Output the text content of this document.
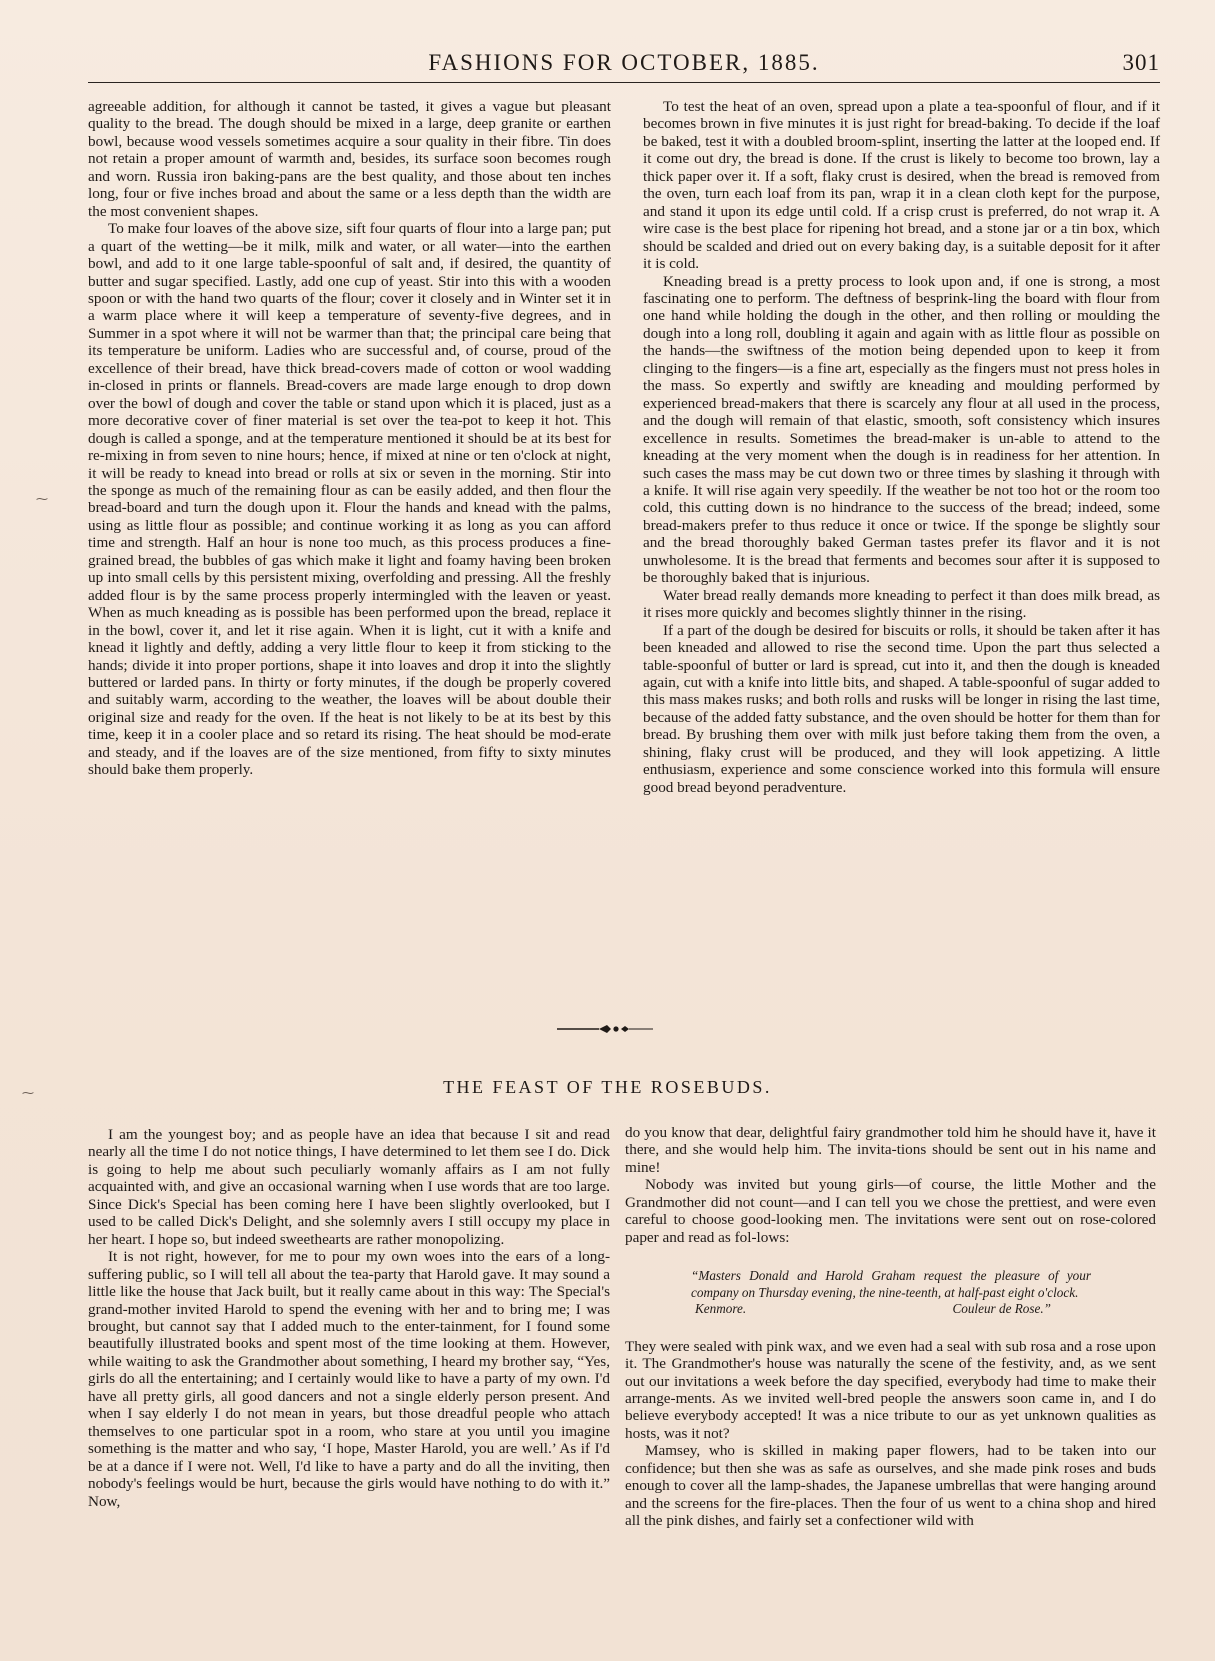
FASHIONS FOR OCTOBER, 1885.	301

agreeable addition, for although it cannot be tasted, it gives a vague but pleasant quality to the bread. The dough should be mixed in a large, deep granite or earthen bowl, because wood vessels sometimes acquire a sour quality in their fibre. Tin does not retain a proper amount of warmth and, besides, its surface soon becomes rough and worn. Russia iron baking-pans are the best quality, and those about ten inches long, four or five inches broad and about the same or a less depth than the width are the most convenient shapes.

To make four loaves of the above size, sift four quarts of flour into a large pan; put a quart of the wetting—be it milk, milk and water, or all water—into the earthen bowl, and add to it one large table-spoonful of salt and, if desired, the quantity of butter and sugar specified. Lastly, add one cup of yeast. Stir into this with a wooden spoon or with the hand two quarts of the flour; cover it closely and in Winter set it in a warm place where it will keep a temperature of seventy-five degrees, and in Summer in a spot where it will not be warmer than that; the principal care being that its temperature be uniform. Ladies who are successful and, of course, proud of the excellence of their bread, have thick bread-covers made of cotton or wool wadding in-closed in prints or flannels. Bread-covers are made large enough to drop down over the bowl of dough and cover the table or stand upon which it is placed, just as a more decorative cover of finer material is set over the tea-pot to keep it hot. This dough is called a sponge, and at the temperature mentioned it should be at its best for re-mixing in from seven to nine hours; hence, if mixed at nine or ten o'clock at night, it will be ready to knead into bread or rolls at six or seven in the morning. Stir into the sponge as much of the remaining flour as can be easily added, and then flour the bread-board and turn the dough upon it. Flour the hands and knead with the palms, using as little flour as possible; and continue working it as long as you can afford time and strength. Half an hour is none too much, as this process produces a fine-grained bread, the bubbles of gas which make it light and foamy having been broken up into small cells by this persistent mixing, overfolding and pressing. All the freshly added flour is by the same process properly intermingled with the leaven or yeast. When as much kneading as is possible has been performed upon the bread, replace it in the bowl, cover it, and let it rise again. When it is light, cut it with a knife and knead it lightly and deftly, adding a very little flour to keep it from sticking to the hands; divide it into proper portions, shape it into loaves and drop it into the slightly buttered or larded pans. In thirty or forty minutes, if the dough be properly covered and suitably warm, according to the weather, the loaves will be about double their original size and ready for the oven. If the heat is not likely to be at its best by this time, keep it in a cooler place and so retard its rising. The heat should be mod-erate and steady, and if the loaves are of the size mentioned, from fifty to sixty minutes should bake them properly.

To test the heat of an oven, spread upon a plate a tea-spoonful of flour, and if it becomes brown in five minutes it is just right for bread-baking. To decide if the loaf be baked, test it with a doubled broom-splint, inserting the latter at the looped end. If it come out dry, the bread is done. If the crust is likely to become too brown, lay a thick paper over it. If a soft, flaky crust is desired, when the bread is removed from the oven, turn each loaf from its pan, wrap it in a clean cloth kept for the purpose, and stand it upon its edge until cold. If a crisp crust is preferred, do not wrap it. A wire case is the best place for ripening hot bread, and a stone jar or a tin box, which should be scalded and dried out on every baking day, is a suitable deposit for it after it is cold.

Kneading bread is a pretty process to look upon and, if one is strong, a most fascinating one to perform. The deftness of besprink-ling the board with flour from one hand while holding the dough in the other, and then rolling or moulding the dough into a long roll, doubling it again and again with as little flour as possible on the hands—the swiftness of the motion being depended upon to keep it from clinging to the fingers—is a fine art, especially as the fingers must not press holes in the mass. So expertly and swiftly are kneading and moulding performed by experienced bread-makers that there is scarcely any flour at all used in the process, and the dough will remain of that elastic, smooth, soft consistency which insures excellence in results. Sometimes the bread-maker is un-able to attend to the kneading at the very moment when the dough is in readiness for her attention. In such cases the mass may be cut down two or three times by slashing it through with a knife. It will rise again very speedily. If the weather be not too hot or the room too cold, this cutting down is no hindrance to the success of the bread; indeed, some bread-makers prefer to thus reduce it once or twice. If the sponge be slightly sour and the bread thoroughly baked German tastes prefer its flavor and it is not unwholesome. It is the bread that ferments and becomes sour after it is supposed to be thoroughly baked that is injurious.

Water bread really demands more kneading to perfect it than does milk bread, as it rises more quickly and becomes slightly thinner in the rising.

If a part of the dough be desired for biscuits or rolls, it should be taken after it has been kneaded and allowed to rise the second time. Upon the part thus selected a table-spoonful of butter or lard is spread, cut into it, and then the dough is kneaded again, cut with a knife into little bits, and shaped. A table-spoonful of sugar added to this mass makes rusks; and both rolls and rusks will be longer in rising the last time, because of the added fatty substance, and the oven should be hotter for them than for bread. By brushing them over with milk just before taking them from the oven, a shining, flaky crust will be produced, and they will look appetizing. A little enthusiasm, experience and some conscience worked into this formula will ensure good bread beyond peradventure.

THE FEAST OF THE ROSEBUDS.

I am the youngest boy; and as people have an idea that because I sit and read nearly all the time I do not notice things, I have determined to let them see I do. Dick is going to help me about such peculiarly womanly affairs as I am not fully acquainted with, and give an occasional warning when I use words that are too large. Since Dick's Special has been coming here I have been slightly overlooked, but I used to be called Dick's Delight, and she solemnly avers I still occupy my place in her heart. I hope so, but indeed sweethearts are rather monopolizing.

It is not right, however, for me to pour my own woes into the ears of a long-suffering public, so I will tell all about the tea-party that Harold gave. It may sound a little like the house that Jack built, but it really came about in this way: The Special's grand-mother invited Harold to spend the evening with her and to bring me; I was brought, but cannot say that I added much to the enter-tainment, for I found some beautifully illustrated books and spent most of the time looking at them. However, while waiting to ask the Grandmother about something, I heard my brother say, “Yes, girls do all the entertaining; and I certainly would like to have a party of my own. I'd have all pretty girls, all good dancers and not a single elderly person present. And when I say elderly I do not mean in years, but those dreadful people who attach themselves to one particular spot in a room, who stare at you until you imagine something is the matter and who say, ‘I hope, Master Harold, you are well.’ As if I'd be at a dance if I were not. Well, I'd like to have a party and do all the inviting, then nobody's feelings would be hurt, because the girls would have nothing to do with it.” Now,

do you know that dear, delightful fairy grandmother told him he should have it, have it there, and she would help him. The invita-tions should be sent out in his name and mine!

Nobody was invited but young girls—of course, the little Mother and the Grandmother did not count—and I can tell you we chose the prettiest, and were even careful to choose good-looking men. The invitations were sent out on rose-colored paper and read as fol-lows:

“Masters Donald and Harold Graham request the pleasure of your company on Thursday evening, the nine-teenth, at half-past eight o'clock.
Kenmore.	Couleur de Rose.”

They were sealed with pink wax, and we even had a seal with sub rosa and a rose upon it. The Grandmother's house was naturally the scene of the festivity, and, as we sent out our invitations a week before the day specified, everybody had time to make their arrange-ments. As we invited well-bred people the answers soon came in, and I do believe everybody accepted! It was a nice tribute to our as yet unknown qualities as hosts, was it not?

Mamsey, who is skilled in making paper flowers, had to be taken into our confidence; but then she was as safe as ourselves, and she made pink roses and buds enough to cover all the lamp-shades, the Japanese umbrellas that were hanging around and the screens for the fire-places. Then the four of us went to a china shop and hired all the pink dishes, and fairly set a confectioner wild with

⁓
⁓
